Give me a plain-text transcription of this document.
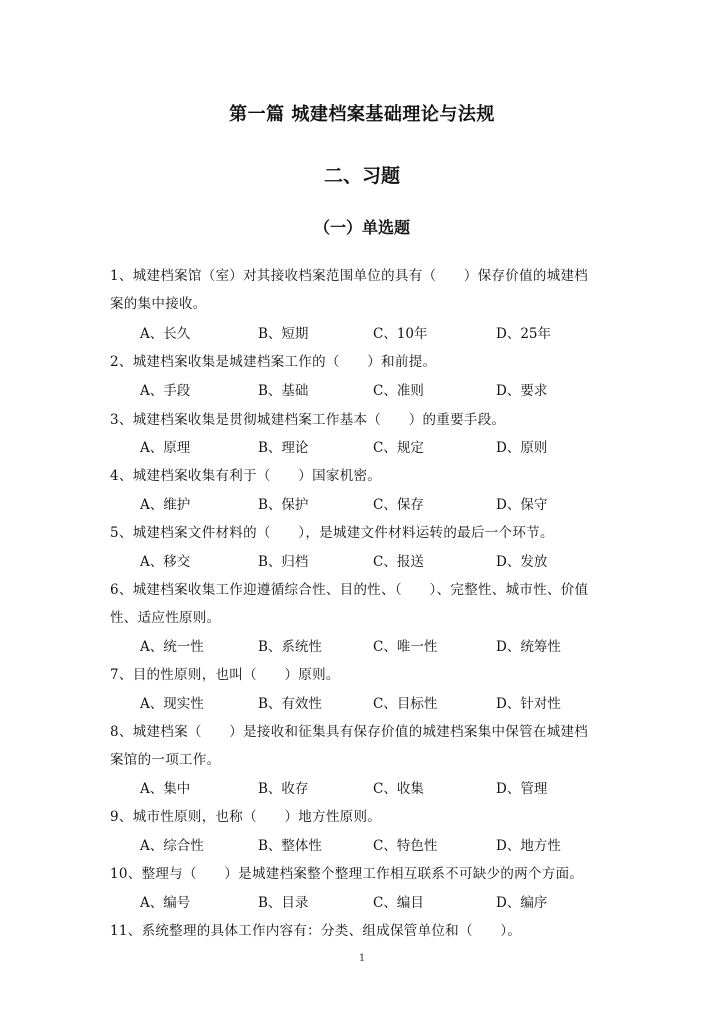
第一篇 城建档案基础理论与法规
二、习题
（一）单选题
1、城建档案馆（室）对其接收档案范围单位的具有（　　）保存价值的城建档
案的集中接收。
A、长久	B、短期	C、10年	D、25年
2、城建档案收集是城建档案工作的（　　）和前提。
A、手段	B、基础	C、准则	D、要求
3、城建档案收集是贯彻城建档案工作基本（　　）的重要手段。
A、原理	B、理论	C、规定	D、原则
4、城建档案收集有利于（　　）国家机密。
A、维护	B、保护	C、保存	D、保守
5、城建档案文件材料的（　　），是城建文件材料运转的最后一个环节。
A、移交	B、归档	C、报送	D、发放
6、城建档案收集工作迎遵循综合性、目的性、（　　）、完整性、城市性、价值
性、适应性原则。
A、统一性	B、系统性	C、唯一性	D、统筹性
7、目的性原则，也叫（　　）原则。
A、现实性	B、有效性	C、目标性	D、针对性
8、城建档案（　　）是接收和征集具有保存价值的城建档案集中保管在城建档
案馆的一项工作。
A、集中	B、收存	C、收集	D、管理
9、城市性原则，也称（　　）地方性原则。
A、综合性	B、整体性	C、特色性	D、地方性
10、整理与（　　）是城建档案整个整理工作相互联系不可缺少的两个方面。
A、编号	B、目录	C、编目	D、编序
11、系统整理的具体工作内容有：分类、组成保管单位和（　　）。
1
